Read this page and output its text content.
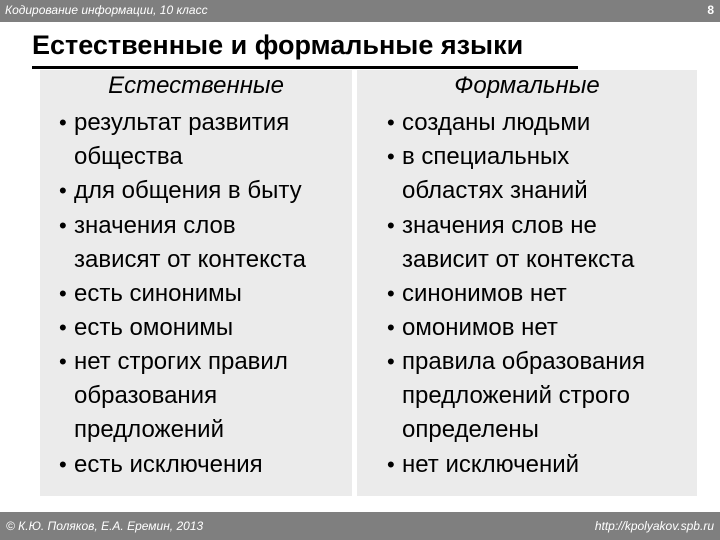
Кодирование информации, 10 класс	8
Естественные и формальные языки
Естественные
• результат развития
общества
• для общения в быту
• значения слов
зависят от контекста
• есть синонимы
• есть омонимы
• нет строгих правил
образования
предложений
• есть исключения
Формальные
• созданы людьми
• в специальных
областях знаний
• значения слов не
зависит от контекста
• синонимов нет
• омонимов нет
• правила образования
предложений строго
определены
• нет исключений
© К.Ю. Поляков, Е.А. Еремин, 2013	http://kpolyakov.spb.ru
